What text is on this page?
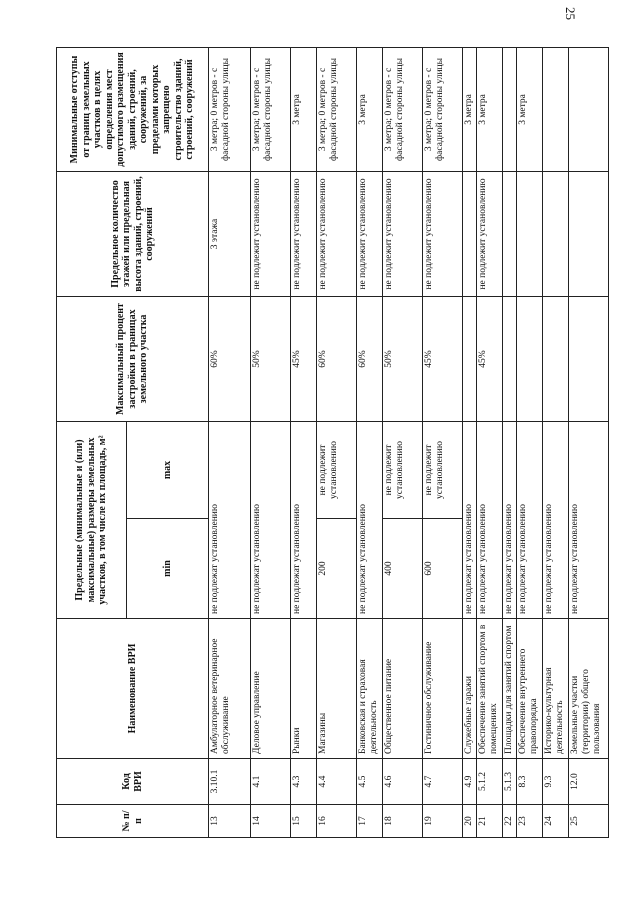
25
№ п/п	Код ВРИ	Наименование ВРИ	Предельные (минимальные и (или) максимальные) размеры земельных участков, в том числе их площадь, м²		Максимальный процент застройки в границах земельного участка	Предельное количество этажей или предельная высота зданий, строений, сооружений	Минимальные отступы от границ земельных участков в целях определения мест допустимого размещения зданий, строений, сооружений, за пределами которых запрещено строительство зданий, строений, сооружений
			min	max			
13	3.10.1	Амбулаторное ветеринарное обслуживание	не подлежат установлению		60%	3 этажа	3 метра; 0 метров - с фасадной стороны улицы
14	4.1	Деловое управление	не подлежат установлению		50%	не подлежит установлению	3 метра; 0 метров - с фасадной стороны улицы
15	4.3	Рынки	не подлежат установлению		45%	не подлежит установлению	3 метра
16	4.4	Магазины	200	не подлежит установлению	60%	не подлежит установлению	3 метра; 0 метров - с фасадной стороны улицы
17	4.5	Банковская и страховая деятельность	не подлежат установлению		60%	не подлежит установлению	3 метра
18	4.6	Общественное питание	400	не подлежит установлению	50%	не подлежит установлению	3 метра; 0 метров - с фасадной стороны улицы
19	4.7	Гостиничное обслуживание	600	не подлежит установлению	45%	не подлежит установлению	3 метра; 0 метров - с фасадной стороны улицы
20	4.9	Служебные гаражи	не подлежат установлению				3 метра
21	5.1.2	Обеспечение занятий спортом в помещениях	не подлежат установлению		45%	не подлежит установлению	3 метра
22	5.1.3	Площадки для занятий спортом	не подлежат установлению				
23	8.3	Обеспечение внутреннего правопорядка	не подлежат установлению				3 метра
24	9.3	Историко-культурная деятельность	не подлежат установлению				
25	12.0	Земельные участки (территории) общего пользования	не подлежат установлению				
